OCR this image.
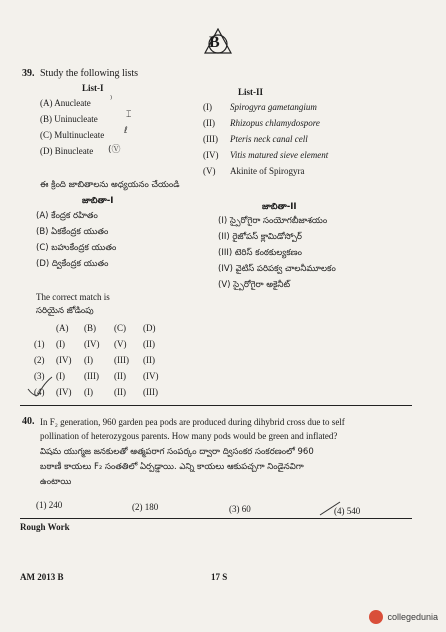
B
39. Study the following lists
List-I	List-II
(A) Anucleate
(B) Uninucleate
(C) Multinucleate
(D) Binucleate
⁾
⌶
ℓ
(Ⓥ
(I) Spirogyra gametangium
(II) Rhizopus chlamydospore
(III) Pteris neck canal cell
(IV) Vitis matured sieve element
(V) Akinite of Spirogyra
ఈ క్రింది జాబితాలను అధ్యయనం చేయండి
జాబితా-I
జాబితా-II
(A) కేంద్రక రహితం
(B) ఏకకేంద్రక యుతం
(C) బహుకేంద్రక యుతం
(D) ద్వికేంద్రక యుతం
(I) స్పైరోగైరా సంయోగబీజాశయం
(II) రైజోపస్ క్లామిడోస్పోర్
(III) టెరిస్ కంఠకుల్యకణం
(IV) వైటిస్ పరిపక్వ చాలనీమూలకం
(V) స్పైరోగైరా అకైనీట్
The correct match is
సరియైన జోడింపు
(A) (B) (C) (D)
(1) (I) (IV) (V) (II)
(2) (IV) (I) (III) (II)
(3) (I) (III) (II) (IV)
(4) (IV) (I) (II) (III)
40. In F₂ generation, 960 garden pea pods are produced during dihybrid cross due to self
pollination of heterozygous parents. How many pods would be green and inflated?
విషమ యుగ్మజ జనకులతో ఆత్మపరాగ సంపర్కం ద్వారా ద్విసంకర సంకరణంలో 960
బఠాణీ కాయలు F₂ సంతతిలో ఏర్పడ్డాయి. ఎన్ని కాయలు ఆకుపచ్చగా నిండైనవిగా
ఉంటాయి
(1) 240	(2) 180	(3) 60	(4) 540
Rough Work
AM 2013 B	17 S
collegedunia
